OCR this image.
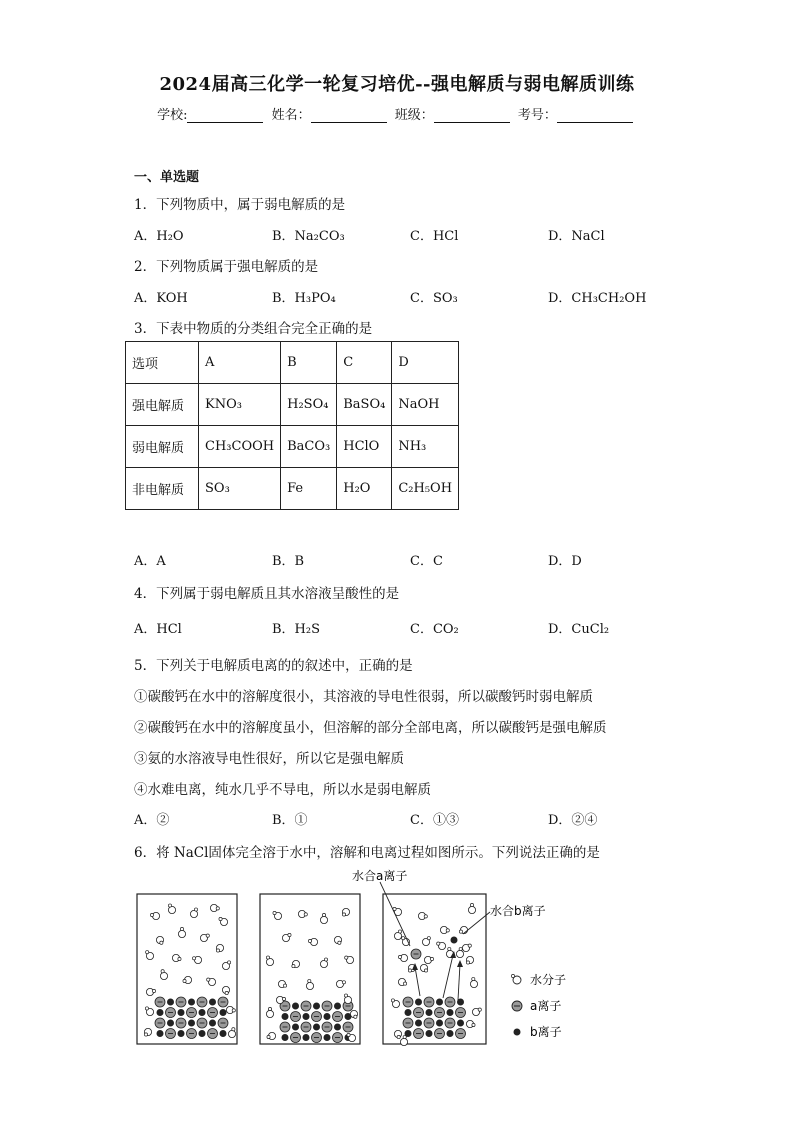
2024届高三化学一轮复习培优--强电解质与弱电解质训练
学校:	姓名：	班级：	考号：
一、单选题
1．下列物质中，属于弱电解质的是
A．H₂O	B．Na₂CO₃	C．HCl	D．NaCl
2．下列物质属于强电解质的是
A．KOH	B．H₃PO₄	C．SO₃	D．CH₃CH₂OH
3．下表中物质的分类组合完全正确的是
选项	A	B	C	D
强电解质	KNO₃	H₂SO₄	BaSO₄	NaOH
弱电解质	CH₃COOH	BaCO₃	HClO	NH₃
非电解质	SO₃	Fe	H₂O	C₂H₅OH
A．A	B．B	C．C	D．D
4．下列属于弱电解质且其水溶液呈酸性的是
A．HCl	B．H₂S	C．CO₂	D．CuCl₂
5．下列关于电解质电离的的叙述中，正确的是
①碳酸钙在水中的溶解度很小，其溶液的导电性很弱，所以碳酸钙时弱电解质
②碳酸钙在水中的溶解度虽小，但溶解的部分全部电离，所以碳酸钙是强电解质
③氨的水溶液导电性很好，所以它是强电解质
④水难电离，纯水几乎不导电，所以水是弱电解质
A．②	B．①	C．①③	D．②④
6．将 NaCl固体完全溶于水中，溶解和电离过程如图所示。下列说法正确的是
水合a离子
水合b离子
水分子
a离子
b离子
